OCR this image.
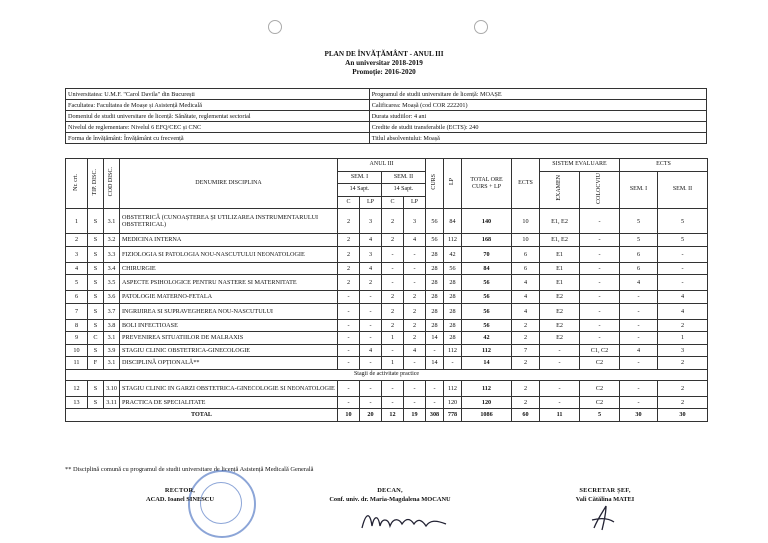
PLAN DE ÎNVĂȚĂMÂNT - ANUL III
An universitar 2018-2019
Promoție: 2016-2020
Universitatea: U.M.F. "Carol Davila" din București	Programul de studii universitare de licență: MOAȘE
Facultatea: Facultatea de Moașe și Asistență Medicală	Calificarea: Moașă (cod COR 222201)
Domeniul de studii universitare de licență: Sănătate, reglementat sectorial	Durata studiilor: 4 ani
Nivelul de reglementare: Nivelul 6 EFQ/CEC și CNC	Credite de studii transferabile (ECTS): 240
Forma de învățământ: Învățământ cu frecvență	Titlul absolventului: Moașă
Nr. crt.	TIP. DISC.	COD DISC.	DENUMIRE DISCIPLINA	ANUL III				CURS	LP	TOTAL ORE CURS + LP	ECTS	SISTEM EVALUARE		ECTS	
				SEM. I		SEM. II						EXAMEN	COLOCVIU	SEM. I	SEM. II
				14 Sapt.		14 Sapt.									
				C	LP	C	LP								
1	S	3.1	OBSTETRICĂ (CUNOAȘTEREA ȘI UTILIZAREA INSTRUMENTARULUI OBSTETRICAL)	2	3	2	3	56	84	140	10	E1, E2	-	5	5
2	S	3.2	MEDICINA INTERNA	2	4	2	4	56	112	168	10	E1, E2	-	5	5
3	S	3.3	FIZIOLOGIA SI PATOLOGIA NOU-NASCUTULUI NEONATOLOGIE	2	3	-	-	28	42	70	6	E1	-	6	-
4	S	3.4	CHIRURGIE	2	4	-	-	28	56	84	6	E1	-	6	-
5	S	3.5	ASPECTE PSIHOLOGICE PENTRU NASTERE SI MATERNITATE	2	2	-	-	28	28	56	4	E1	-	4	-
6	S	3.6	PATOLOGIE MATERNO-FETALA	-	-	2	2	28	28	56	4	E2	-	-	4
7	S	3.7	INGRIJIREA SI SUPRAVEGHEREA NOU-NASCUTULUI	-	-	2	2	28	28	56	4	E2	-	-	4
8	S	3.8	BOLI INFECTIOASE	-	-	2	2	28	28	56	2	E2	-	-	2
9	C	3.1	PREVENIREA SITUATIILOR DE MALRAXIS	-	-	1	2	14	28	42	2	E2	-	-	1
10	S	3.9	STAGIU CLINIC OBSTETRICA-GINECOLOGIE	-	4	-	4	-	112	112	7	-	C1, C2	4	3
11	F	3.1	DISCIPLINĂ OPȚIONALĂ**	-	-	1	-	14	-	14	2	-	C2	-	2
Stagii de activitate practice															
12	S	3.10	STAGIU CLINIC IN GARZI OBSTETRICA-GINECOLOGIE SI NEONATOLOGIE	-	-	-	-	-	112	112	2	-	C2	-	2
13	S	3.11	PRACTICA DE SPECIALITATE	-	-	-	-	-	120	120	2	-	C2	-	2
TOTAL				10	20	12	19	308	778	1086	60	11	5	30	30
** Disciplină comună cu programul de studii universitare de licență Asistență Medicală Generală
RECTOR,
ACAD. Ioanel SINESCU
DECAN,
Conf. univ. dr. Maria-Magdalena MOCANU
SECRETAR ȘEF,
Vali Cătălina MATEI
